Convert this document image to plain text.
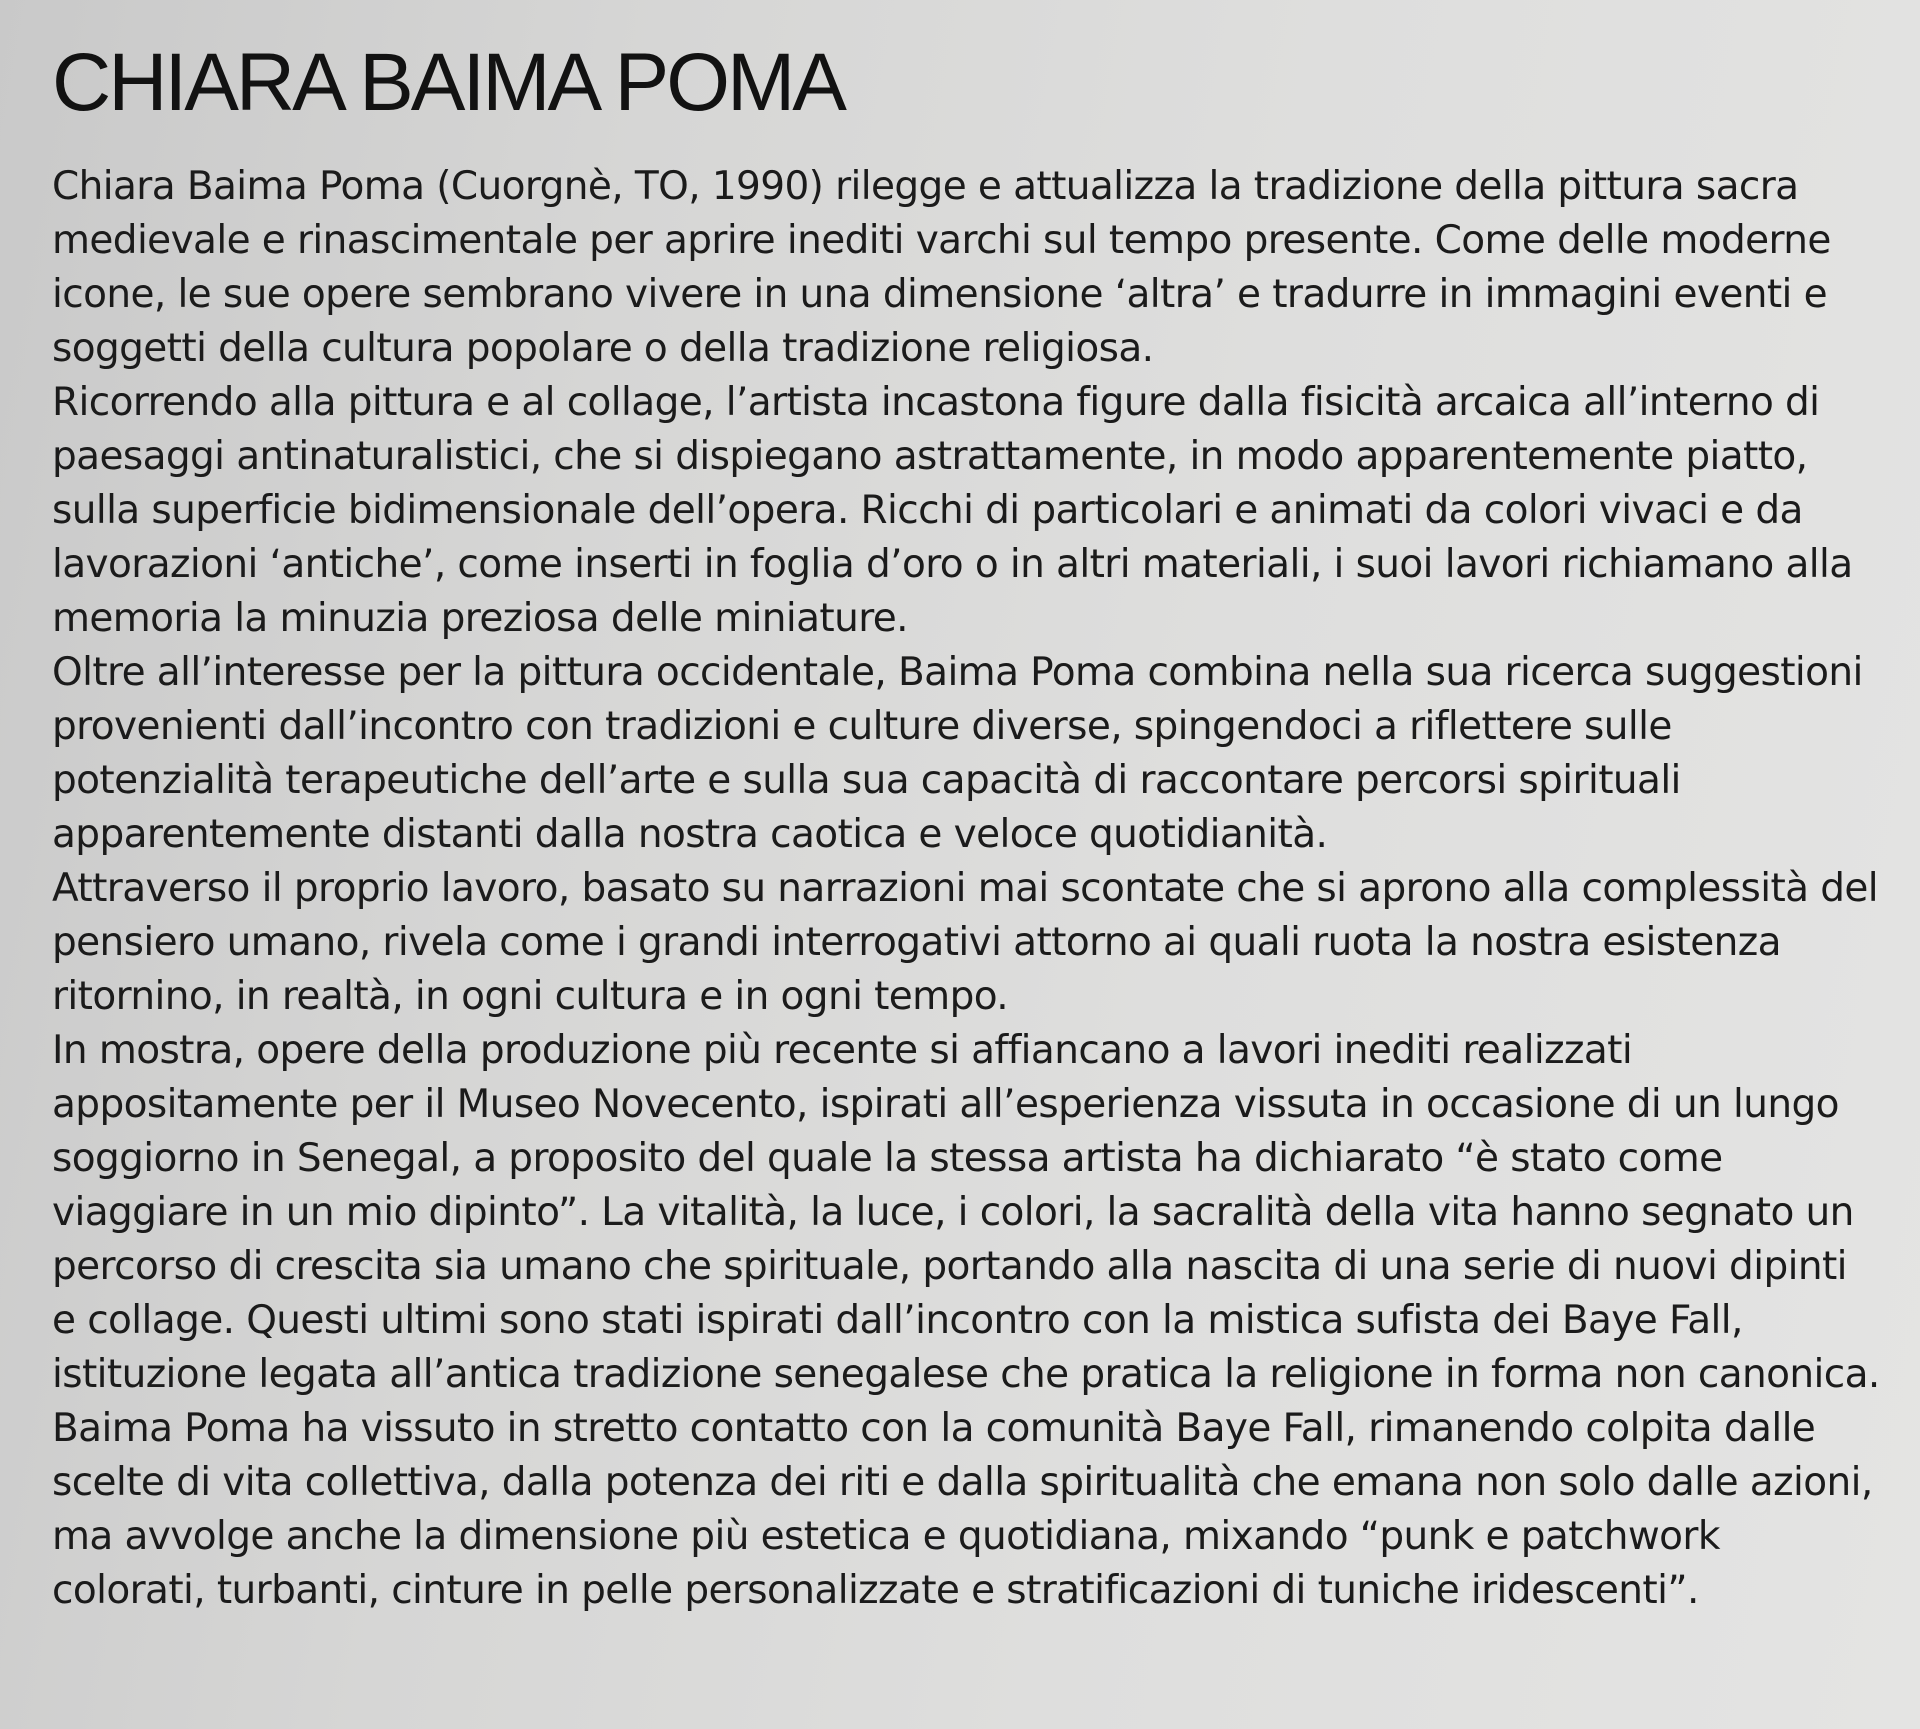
CHIARA BAIMA POMA

Chiara Baima Poma (Cuorgnè, TO, 1990) rilegge e attualizza la tradizione della pittura sacra medievale e rinascimentale per aprire inediti varchi sul tempo presente. Come delle moderne icone, le sue opere sembrano vivere in una dimensione ‘altra’ e tradurre in immagini eventi e soggetti della cultura popolare o della tradizione religiosa.

Ricorrendo alla pittura e al collage, l’artista incastona figure dalla fisicità arcaica all’interno di paesaggi antinaturalistici, che si dispiegano astrattamente, in modo apparentemente piatto, sulla superficie bidimensionale dell’opera. Ricchi di particolari e animati da colori vivaci e da lavorazioni ‘antiche’, come inserti in foglia d’oro o in altri materiali, i suoi lavori richiamano alla memoria la minuzia preziosa delle miniature.

Oltre all’interesse per la pittura occidentale, Baima Poma combina nella sua ricerca suggestioni provenienti dall’incontro con tradizioni e culture diverse, spingendoci a riflettere sulle potenzialità terapeutiche dell’arte e sulla sua capacità di raccontare percorsi spirituali apparentemente distanti dalla nostra caotica e veloce quotidianità.

Attraverso il proprio lavoro, basato su narrazioni mai scontate che si aprono alla complessità del pensiero umano, rivela come i grandi interrogativi attorno ai quali ruota la nostra esistenza ritornino, in realtà, in ogni cultura e in ogni tempo.

In mostra, opere della produzione più recente si affiancano a lavori inediti realizzati appositamente per il Museo Novecento, ispirati all’esperienza vissuta in occasione di un lungo soggiorno in Senegal, a proposito del quale la stessa artista ha dichiarato “è stato come viaggiare in un mio dipinto”. La vitalità, la luce, i colori, la sacralità della vita hanno segnato un percorso di crescita sia umano che spirituale, portando alla nascita di una serie di nuovi dipinti e collage. Questi ultimi sono stati ispirati dall’incontro con la mistica sufista dei Baye Fall, istituzione legata all’antica tradizione senegalese che pratica la religione in forma non canonica. Baima Poma ha vissuto in stretto contatto con la comunità Baye Fall, rimanendo colpita dalle scelte di vita collettiva, dalla potenza dei riti e dalla spiritualità che emana non solo dalle azioni, ma avvolge anche la dimensione più estetica e quotidiana, mixando “punk e patchwork colorati, turbanti, cinture in pelle personalizzate e stratificazioni di tuniche iridescenti”.
